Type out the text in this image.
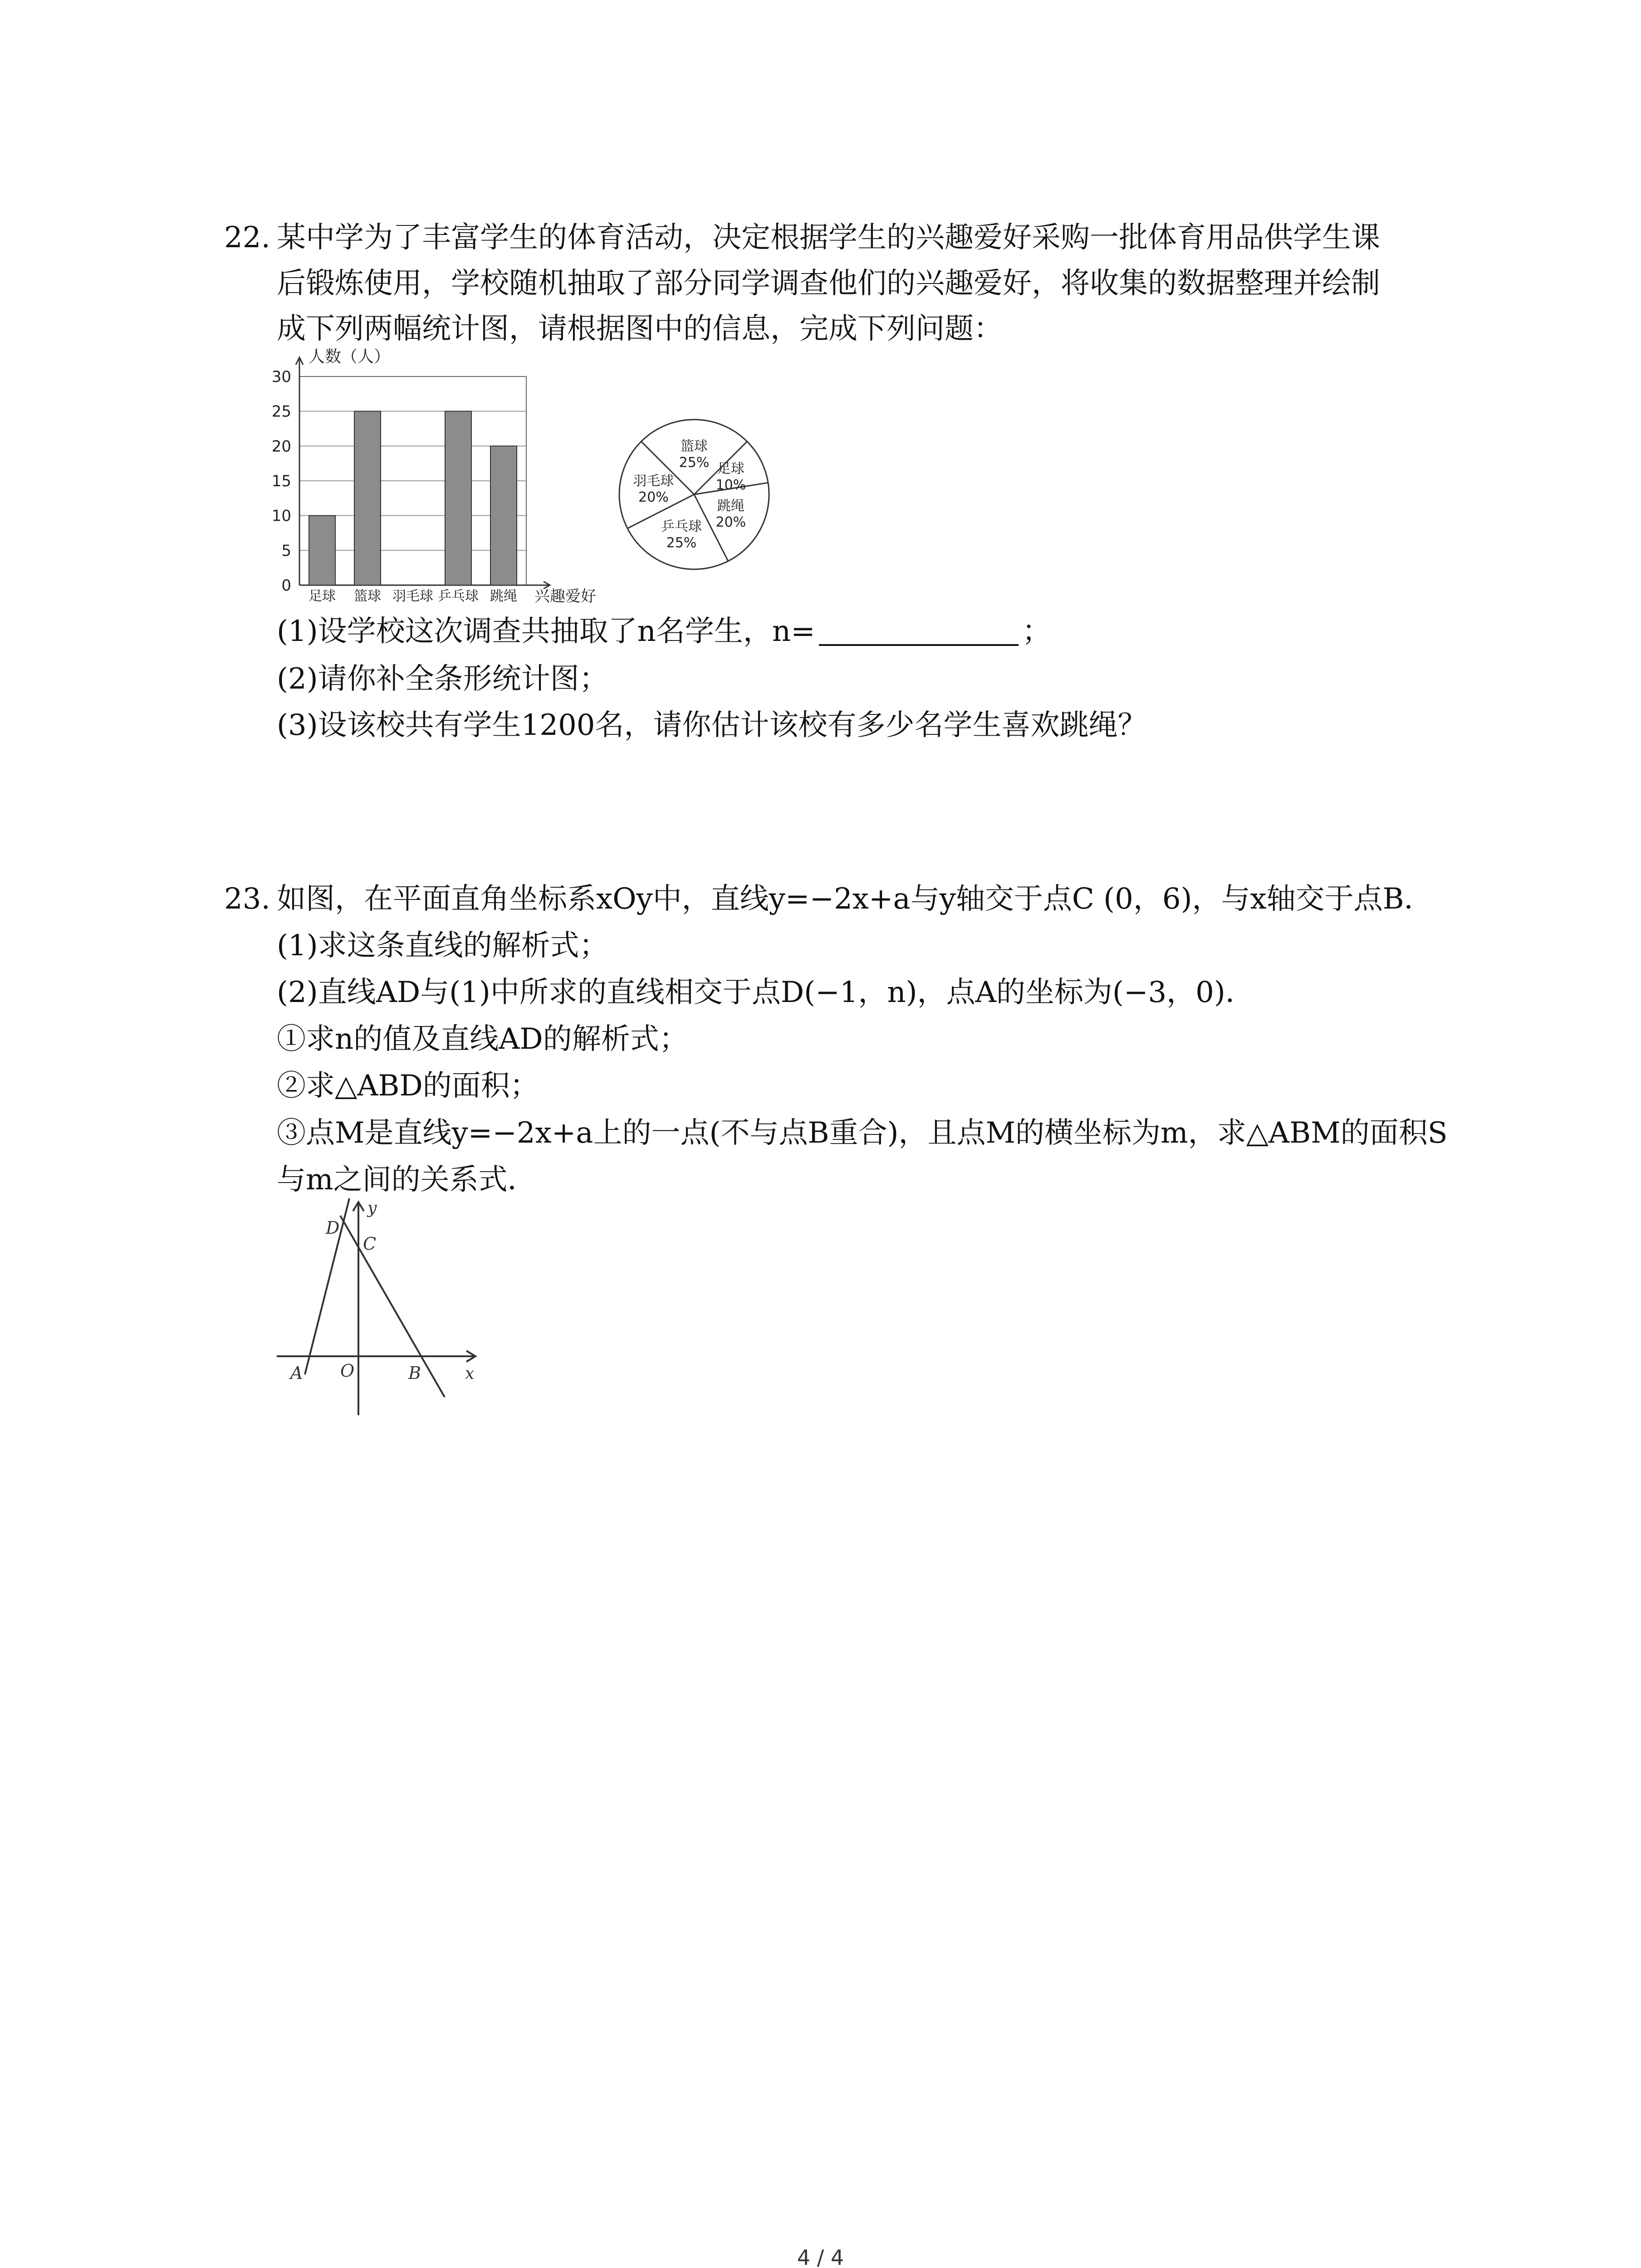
22. 某中学为了丰富学生的体育活动，决定根据学生的兴趣爱好采购一批体育用品供学生课
后锻炼使用，学校随机抽取了部分同学调查他们的兴趣爱好，将收集的数据整理并绘制
成下列两幅统计图，请根据图中的信息，完成下列问题：
0
5
10
15
20
25
30
足球 篮球 羽毛球 乒乓球 跳绳
人数（人）
兴趣爱好
篮球
25% 足球
10%
跳绳
20%
乒乓球
25%
羽毛球
20%
(1)设学校这次调查共抽取了n名学生，n=	；
(2)请你补全条形统计图；
(3)设该校共有学生1200名，请你估计该校有多少名学生喜欢跳绳？
23. 如图，在平面直角坐标系xOy中，直线y=−2x+a与y轴交于点C (0，6)，与x轴交于点B．
(1)求这条直线的解析式；
(2)直线AD与(1)中所求的直线相交于点D(−1，n)，点A的坐标为(−3，0)．
①求n的值及直线AD的解析式；
②求△ABD的面积；
③点M是直线y=−2x+a上的一点(不与点B重合)，且点M的横坐标为m，求△ABM的面积S
与m之间的关系式．
y
x
D
C
A O	B
4 / 4
